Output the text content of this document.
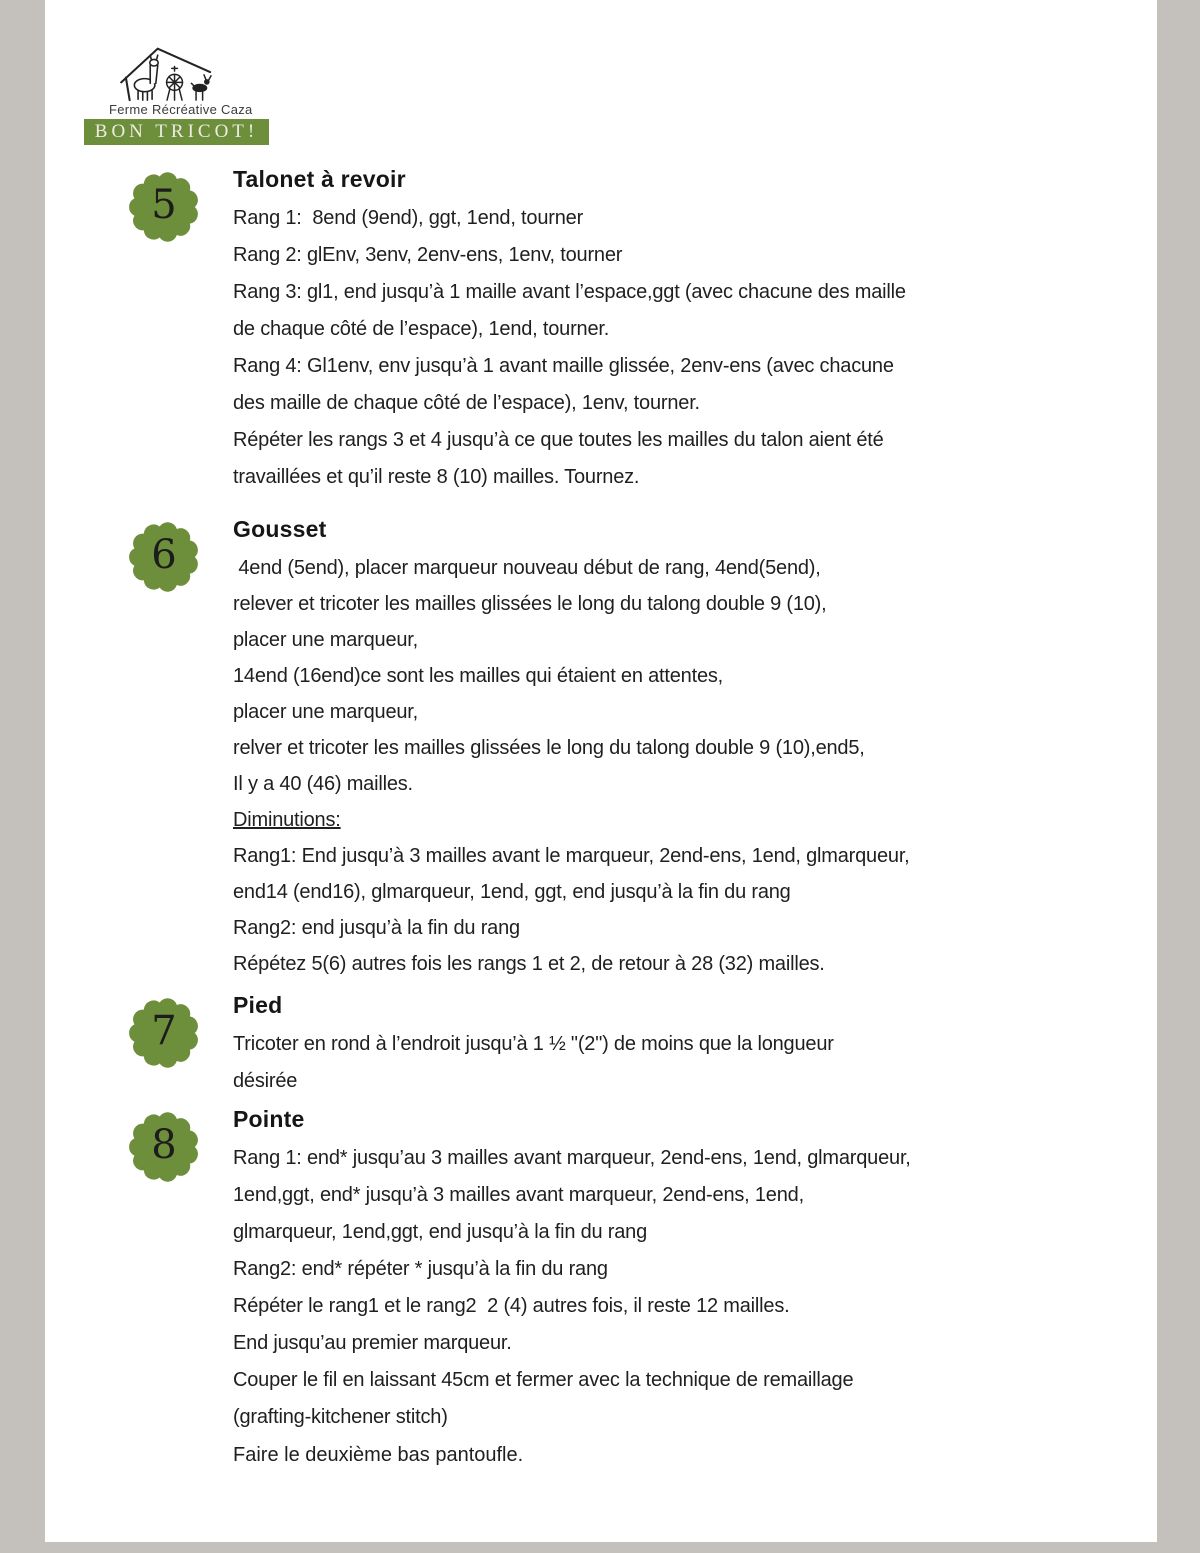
Ferme Récréative Caza
BON TRICOT!
5
Talonet à revoir
Rang 1:  8end (9end), ggt, 1end, tourner
Rang 2: glEnv, 3env, 2env-ens, 1env, tourner
Rang 3: gl1, end jusqu’à 1 maille avant l’espace,ggt (avec chacune des maille
de chaque côté de l’espace), 1end, tourner.
Rang 4: Gl1env, env jusqu’à 1 avant maille glissée, 2env-ens (avec chacune
des maille de chaque côté de l’espace), 1env, tourner.
Répéter les rangs 3 et 4 jusqu’à ce que toutes les mailles du talon aient été
travaillées et qu’il reste 8 (10) mailles. Tournez.
6
Gousset
4end (5end), placer marqueur nouveau début de rang, 4end(5end),
relever et tricoter les mailles glissées le long du talong double 9 (10),
placer une marqueur,
14end (16end)ce sont les mailles qui étaient en attentes,
placer une marqueur,
relver et tricoter les mailles glissées le long du talong double 9 (10),end5,
Il y a 40 (46) mailles.
Diminutions:
Rang1: End jusqu’à 3 mailles avant le marqueur, 2end-ens, 1end, glmarqueur,
end14 (end16), glmarqueur, 1end, ggt, end jusqu’à la fin du rang
Rang2: end jusqu’à la fin du rang
Répétez 5(6) autres fois les rangs 1 et 2, de retour à 28 (32) mailles.
7
Pied
Tricoter en rond à l’endroit jusqu’à 1 ½ "(2") de moins que la longueur
désirée
8
Pointe
Rang 1: end* jusqu’au 3 mailles avant marqueur, 2end-ens, 1end, glmarqueur,
1end,ggt, end* jusqu’à 3 mailles avant marqueur, 2end-ens, 1end,
glmarqueur, 1end,ggt, end jusqu’à la fin du rang
Rang2: end* répéter * jusqu’à la fin du rang
Répéter le rang1 et le rang2  2 (4) autres fois, il reste 12 mailles.
End jusqu’au premier marqueur.
Couper le fil en laissant 45cm et fermer avec la technique de remaillage
(grafting-kitchener stitch)
Faire le deuxième bas pantoufle.
